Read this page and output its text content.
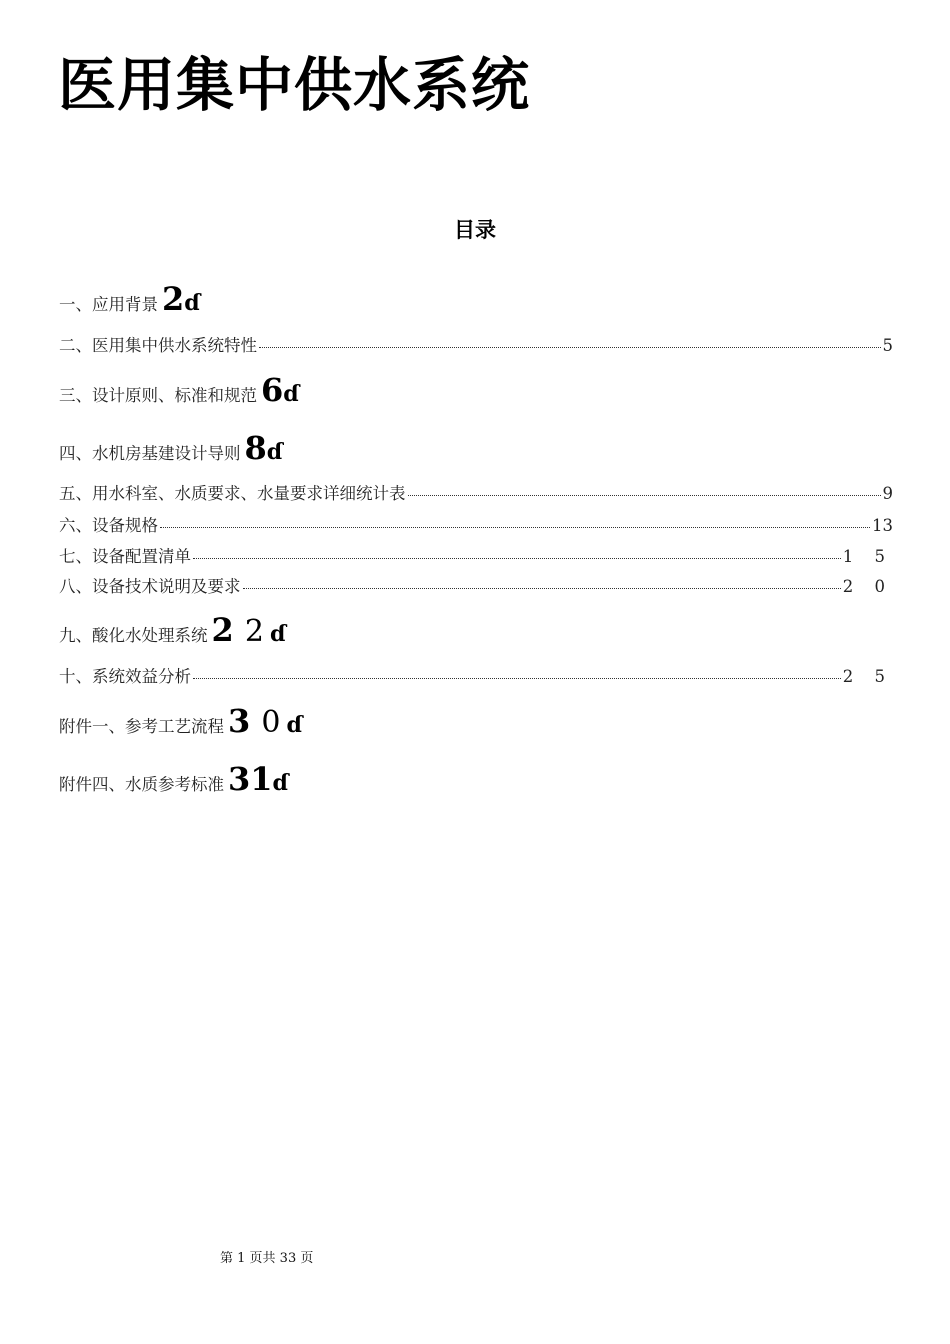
医用集中供水系统
目录
一、应用背景 2ɗ
二、医用集中供水系统特性	5
三、设计原则、标准和规范 6ɗ
四、水机房基建设计导则 8ɗ
五、用水科室、水质要求、水量要求详细统计表	9
六、设备规格	13
七、设备配置清单	1 5
八、设备技术说明及要求	2 0
九、酸化水处理系统 2 2ɗ
十、系统效益分析	2 5
附件一、参考工艺流程 3 0ɗ
附件四、水质参考标准 31ɗ
第 1 页共 33 页
